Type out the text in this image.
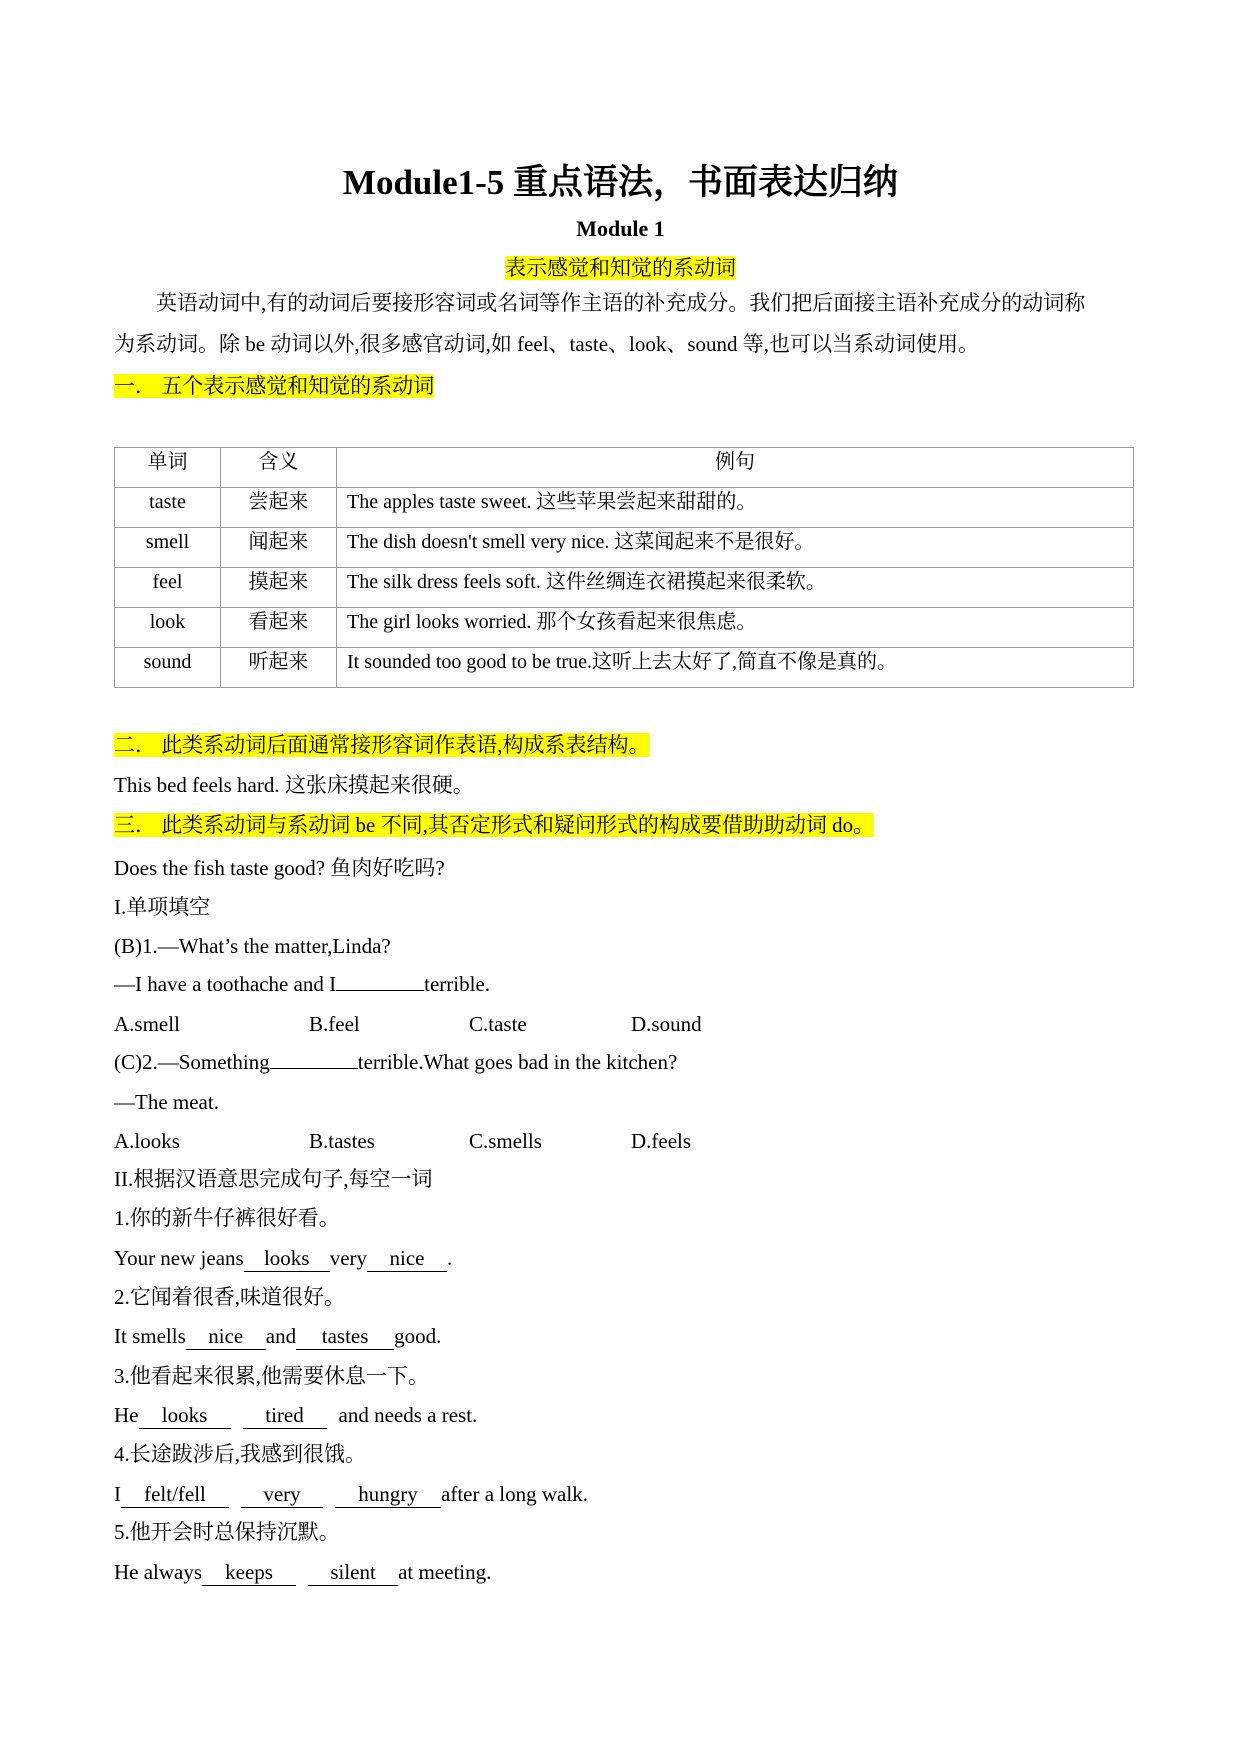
Module1-5 重点语法，书面表达归纳
Module 1
表示感觉和知觉的系动词

英语动词中,有的动词后要接形容词或名词等作主语的补充成分。我们把后面接主语补充成分的动词称
为系动词。除 be 动词以外,很多感官动词,如 feel、taste、look、sound 等,也可以当系动词使用。

一． 五个表示感觉和知觉的系动词
单词	含义	例句
taste	尝起来	The apples taste sweet. 这些苹果尝起来甜甜的。
smell	闻起来	The dish doesn't smell very nice. 这菜闻起来不是很好。
feel	摸起来	The silk dress feels soft. 这件丝绸连衣裙摸起来很柔软。
look	看起来	The girl looks worried. 那个女孩看起来很焦虑。
sound	听起来	It sounded too good to be true.这听上去太好了,简直不像是真的。
二． 此类系动词后面通常接形容词作表语,构成系表结构。
This bed feels hard. 这张床摸起来很硬。
三． 此类系动词与系动词 be 不同,其否定形式和疑问形式的构成要借助助动词 do。
Does the fish taste good? 鱼肉好吃吗?
I.单项填空
(B)1.—What’s the matter,Linda?
—I have a toothache and I	terrible.
A.smell	B.feel	C.taste	D.sound
(C)2.—Something	terrible.What goes bad in the kitchen?
—The meat.
A.looks	B.tastes	C.smells	D.feels
II.根据汉语意思完成句子,每空一词
1.你的新牛仔裤很好看。
Your new jeans looks very nice .
2.它闻着很香,味道很好。
It smells nice and tastes good.
3.他看起来很累,他需要休息一下。
He looks	tired and needs a rest.
4.长途跋涉后,我感到很饿。
I felt/fell	very	hungry after a long walk.
5.他开会时总保持沉默。
He always keeps	silent at meeting.
